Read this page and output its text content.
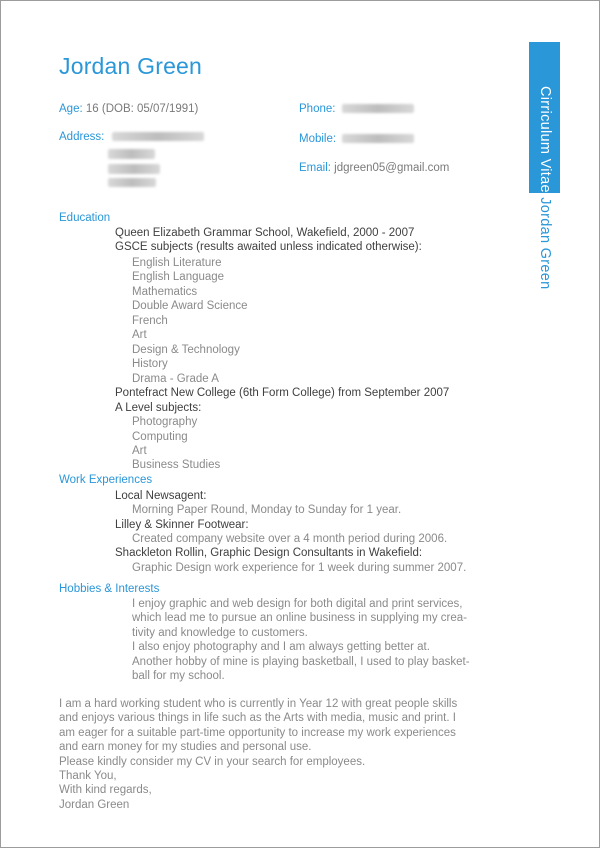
Jordan Green
Cirriculum Vitae Jordan Green
Age: 16 (DOB: 05/07/1991)
Address:
Phone:
Mobile:
Email: jdgreen05@gmail.com
Education
Queen Elizabeth Grammar School, Wakefield, 2000 - 2007
GSCE subjects (results awaited unless indicated otherwise):
English Literature
English Language
Mathematics
Double Award Science
French
Art
Design & Technology
History
Drama - Grade A
Pontefract New College (6th Form College) from September 2007
A Level subjects:
Photography
Computing
Art
Business Studies
Work Experiences
Local Newsagent:
Morning Paper Round, Monday to Sunday for 1 year.
Lilley & Skinner Footwear:
Created company website over a 4 month period during 2006.
Shackleton Rollin, Graphic Design Consultants in Wakefield:
Graphic Design work experience for 1 week during summer 2007.
Hobbies & Interests
I enjoy graphic and web design for both digital and print services,
which lead me to pursue an online business in supplying my crea-
tivity and knowledge to customers.
I also enjoy photography and I am always getting better at.
Another hobby of mine is playing basketball, I used to play basket-
ball for my school.
I am a hard working student who is currently in Year 12 with great people skills
and enjoys various things in life such as the Arts with media, music and print. I
am eager for a suitable part-time opportunity to increase my work experiences
and earn money for my studies and personal use.
Please kindly consider my CV in your search for employees.
Thank You,
With kind regards,
Jordan Green
